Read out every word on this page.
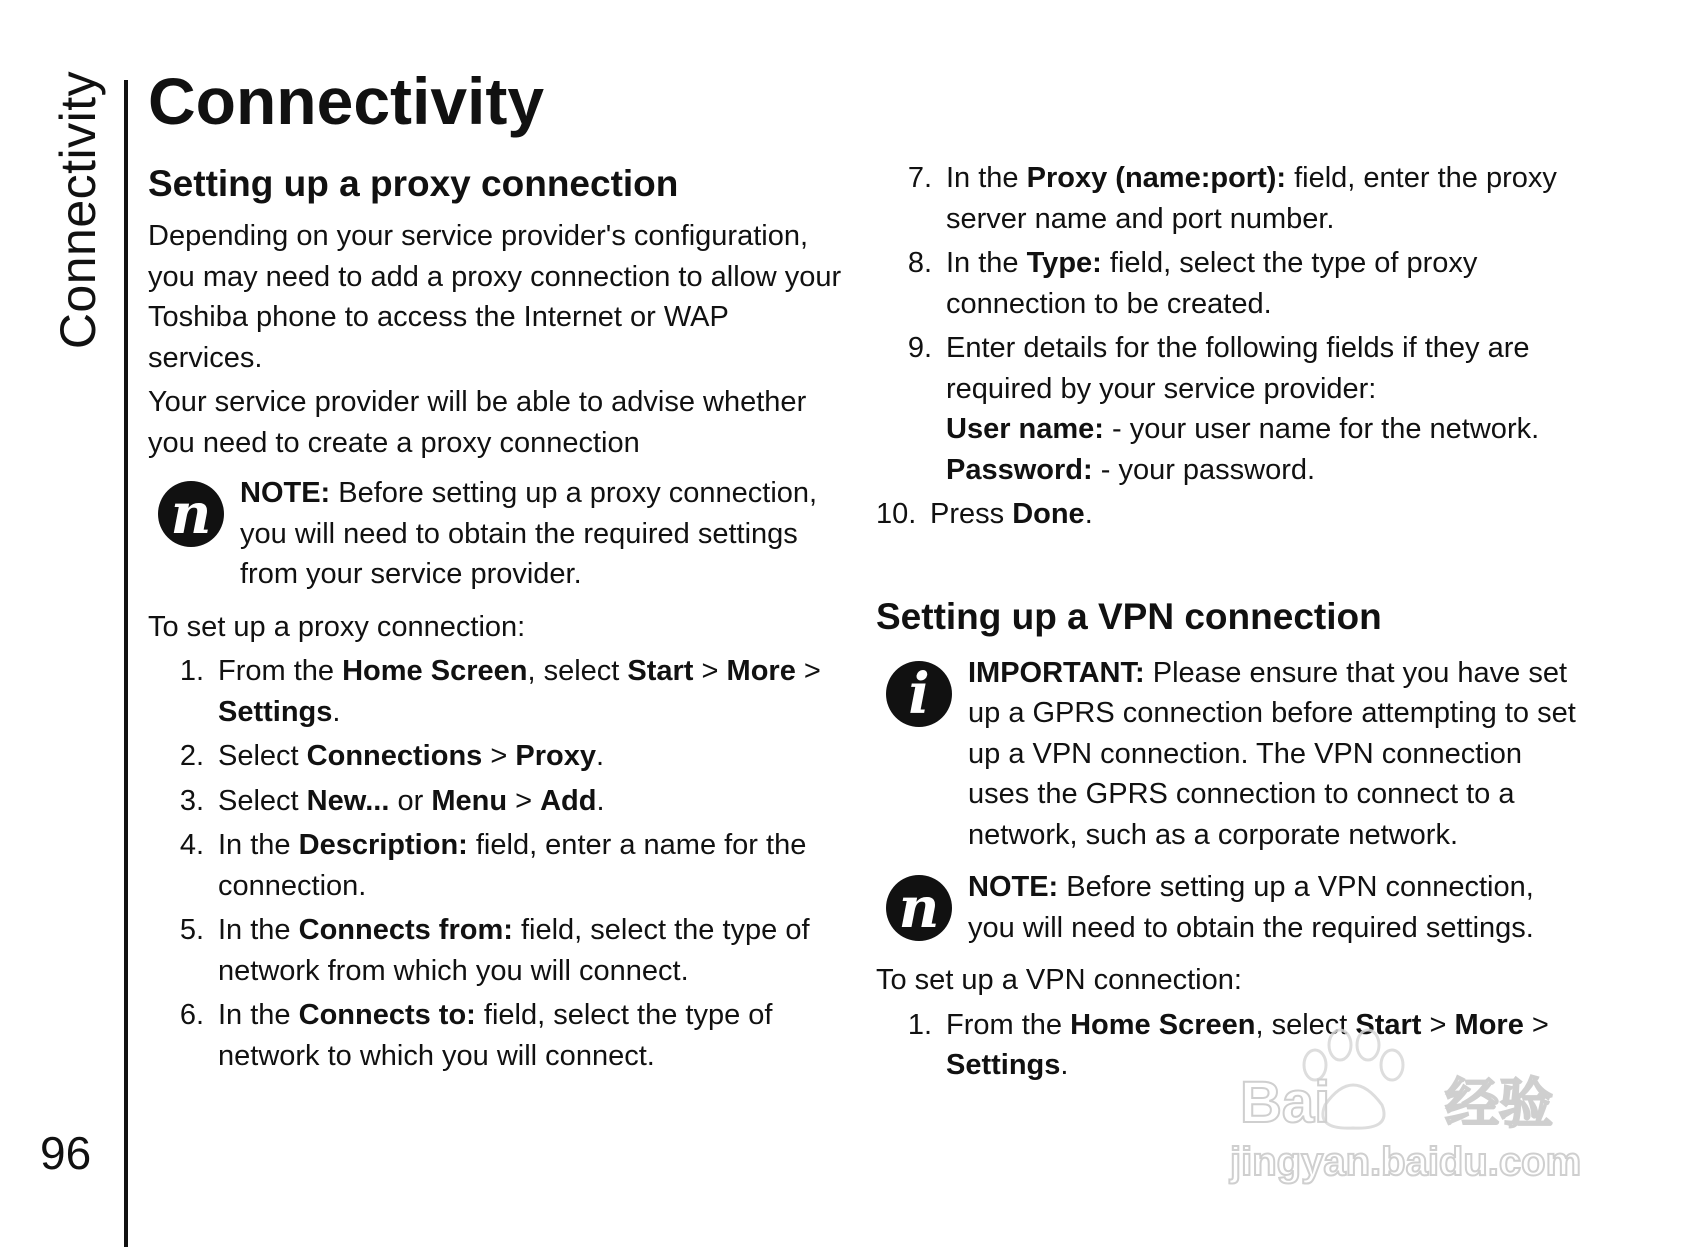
Connectivity
96
Connectivity
Setting up a proxy connection

Depending on your service provider's configuration, you may need to add a proxy connection to allow your Toshiba phone to access the Internet or WAP services.

Your service provider will be able to advise whether you need to create a proxy connection

n NOTE: Before setting up a proxy connection, you will need to obtain the required settings from your service provider.

To set up a proxy connection:

1. From the Home Screen, select Start > More > Settings.
2. Select Connections > Proxy.
3. Select New... or Menu > Add.
4. In the Description: field, enter a name for the connection.
5. In the Connects from: field, select the type of network from which you will connect.
6. In the Connects to: field, select the type of network to which you will connect.
7. In the Proxy (name:port): field, enter the proxy server name and port number.
8. In the Type: field, select the type of proxy connection to be created.
9. Enter details for the following fields if they are required by your service provider:
User name: - your user name for the network.
Password: - your password.
10. Press Done.
Setting up a VPN connection
i	IMPORTANT: Please ensure that you have set up a GPRS connection before attempting to set up a VPN connection. The VPN connection uses the GPRS connection to connect to a network, such as a corporate network.

n NOTE: Before setting up a VPN connection, you will need to obtain the required settings.

To set up a VPN connection:

1. From the Home Screen, select Start > More > Settings.
Bai 经验
jingyan.baidu.com
